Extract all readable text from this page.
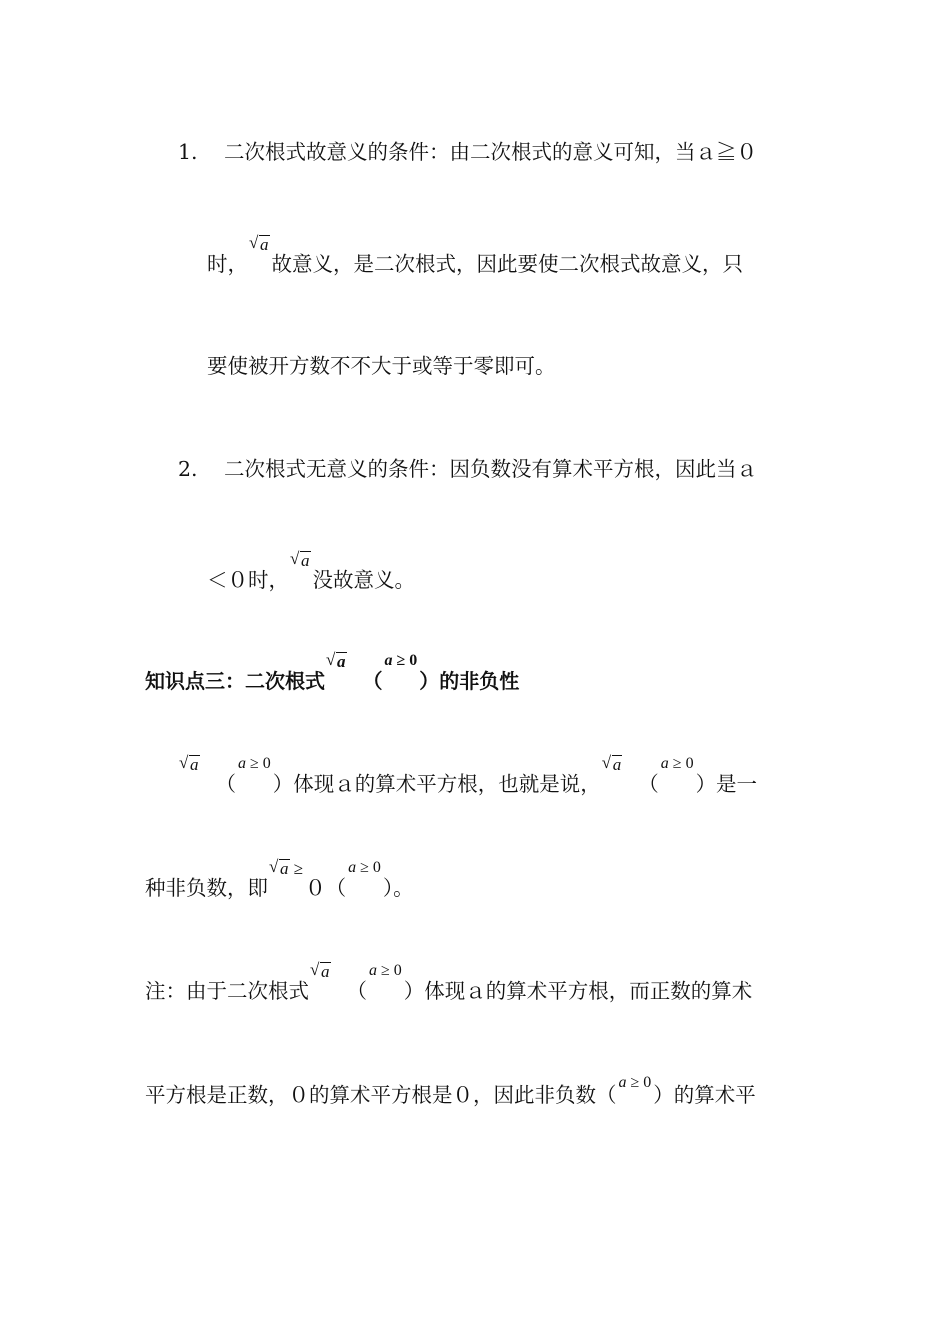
1. 二次根式故意义的条件：由二次根式的意义可知，当ａ≧０
时，√ a故意义，是二次根式，因此要使二次根式故意义，只
要使被开方数不不大于或等于零即可。
2. 二次根式无意义的条件：因负数没有算术平方根，因此当ａ
＜０时，√ a没故意义。
知识点三：二次根式√ a（a ≥ 0）的非负性
√ a（a ≥ 0）体现ａ的算术平方根，也就是说，√ a（a ≥ 0）是一
种非负数，即√ a ≥０（a ≥ 0）。
注：由于二次根式√ a（a ≥ 0）体现ａ的算术平方根，而正数的算术
平方根是正数，０的算术平方根是０，因此非负数（a ≥ 0）的算术平
